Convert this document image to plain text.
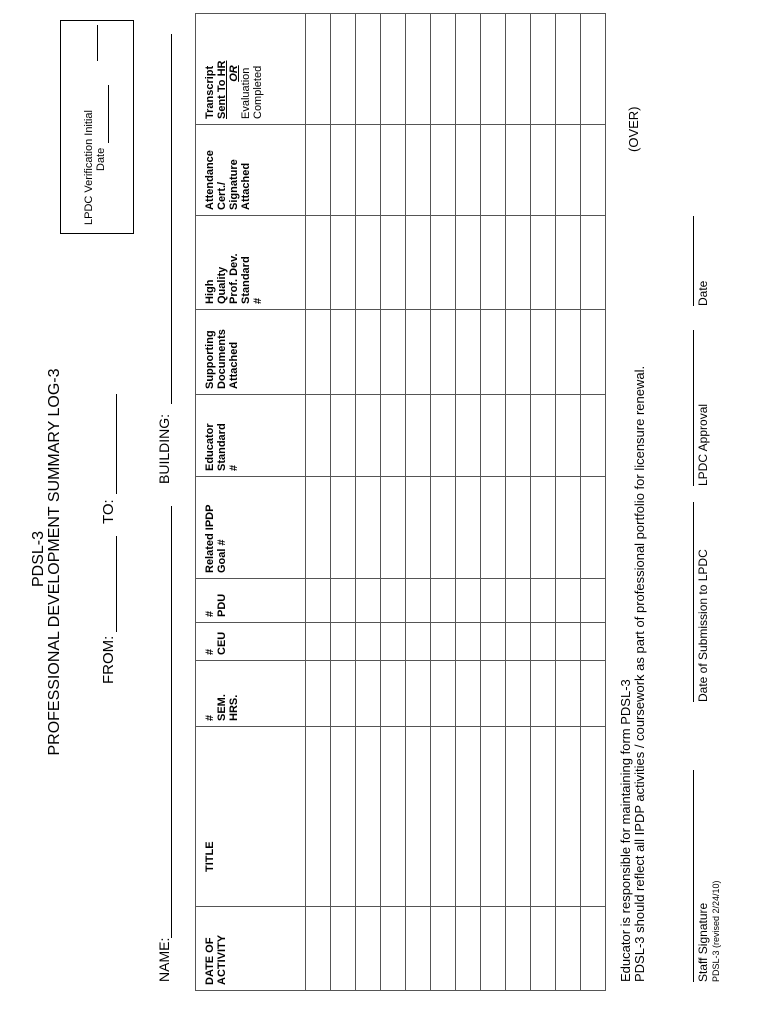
PDSL-3 PROFESSIONAL DEVELOPMENT SUMMARY LOG-3 FROM:
TO:
LPDC Verification Initial Date
NAME:
BUILDING:
DATE OF ACTIVITY	TITLE	# SEM. HRS.	# CEU	# PDU	Related IPDP Goal #	Educator Standard #	Supporting Documents Attached	High Quality Prof. Dev. Standard #	Attendance Cert./ Signature Attached	Transcript Sent To HR OR Evaluation Completed

Educator is responsible for maintaining form PDSL-3 PDSL-3 should reflect all IPDP activities / coursework as part of professional portfolio for licensure renewal.
(OVER)
Staff Signature PDSL-3 (revised 2/24/10)
Date of Submission to LPDC
LPDC Approval
Date
